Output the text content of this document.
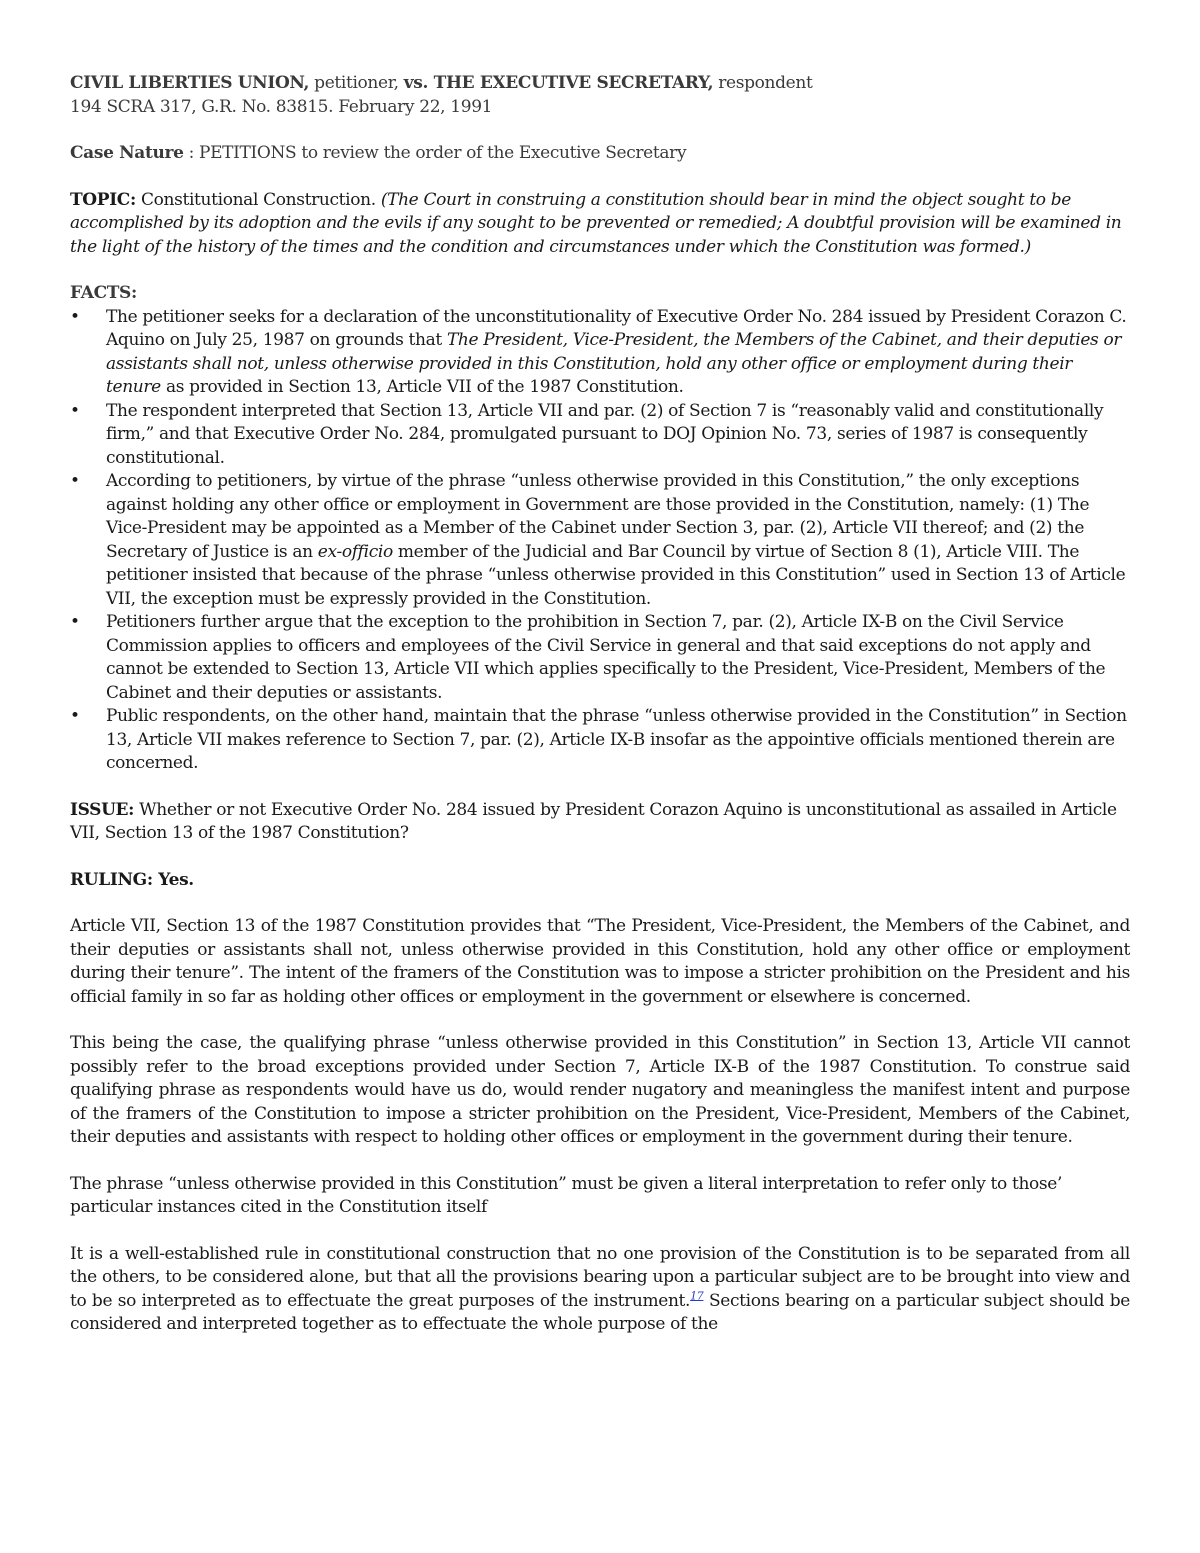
CIVIL LIBERTIES UNION, petitioner, vs. THE EXECUTIVE SECRETARY, respondent

194 SCRA 317, G.R. No. 83815. February 22, 1991

Case Nature : PETITIONS to review the order of the Executive Secretary

TOPIC: Constitutional Construction. (The Court in construing a constitution should bear in mind the object sought to be accomplished by its adoption and the evils if any sought to be prevented or remedied; A doubtful provision will be examined in the light of the history of the times and the condition and circumstances under which the Constitution was formed.)

FACTS:

•	The petitioner seeks for a declaration of the unconstitutionality of Executive Order No. 284 issued by President Corazon C. Aquino on July 25, 1987 on grounds that The President, Vice-President, the Members of the Cabinet, and their deputies or assistants shall not, unless otherwise provided in this Constitution, hold any other office or employment during their tenure as provided in Section 13, Article VII of the 1987 Constitution.
•	The respondent interpreted that Section 13, Article VII and par. (2) of Section 7 is “reasonably valid and constitutionally firm,” and that Executive Order No. 284, promulgated pursuant to DOJ Opinion No. 73, series of 1987 is consequently constitutional.
•	According to petitioners, by virtue of the phrase “unless otherwise provided in this Constitution,” the only exceptions against holding any other office or employment in Government are those provided in the Constitution, namely: (1) The Vice-President may be appointed as a Member of the Cabinet under Section 3, par. (2), Article VII thereof; and (2) the Secretary of Justice is an ex-officio member of the Judicial and Bar Council by virtue of Section 8 (1), Article VIII. The petitioner insisted that because of the phrase “unless otherwise provided in this Constitution” used in Section 13 of Article VII, the exception must be expressly provided in the Constitution.
•	Petitioners further argue that the exception to the prohibition in Section 7, par. (2), Article IX-B on the Civil Service Commission applies to officers and employees of the Civil Service in general and that said exceptions do not apply and cannot be extended to Section 13, Article VII which applies specifically to the President, Vice-President, Members of the Cabinet and their deputies or assistants.
•	Public respondents, on the other hand, maintain that the phrase “unless otherwise provided in the Constitution” in Section 13, Article VII makes reference to Section 7, par. (2), Article IX-B insofar as the appointive officials mentioned therein are concerned.

ISSUE: Whether or not Executive Order No. 284 issued by President Corazon Aquino is unconstitutional as assailed in Article VII, Section 13 of the 1987 Constitution?

RULING: Yes.

Article VII, Section 13 of the 1987 Constitution provides that “The President, Vice-President, the Members of the Cabinet, and their deputies or assistants shall not, unless otherwise provided in this Constitution, hold any other office or employment during their tenure”. The intent of the framers of the Constitution was to impose a stricter prohibition on the President and his official family in so far as holding other offices or employment in the government or elsewhere is concerned.

This being the case, the qualifying phrase “unless otherwise provided in this Constitution” in Section 13, Article VII cannot possibly refer to the broad exceptions provided under Section 7, Article IX-B of the 1987 Constitution. To construe said qualifying phrase as respondents would have us do, would render nugatory and meaningless the manifest intent and purpose of the framers of the Constitution to impose a stricter prohibition on the President, Vice-President, Members of the Cabinet, their deputies and assistants with respect to holding other offices or employment in the government during their tenure.

The phrase “unless otherwise provided in this Constitution” must be given a literal interpretation to refer only to those’ particular instances cited in the Constitution itself

It is a well-established rule in constitutional construction that no one provision of the Constitution is to be separated from all the others, to be considered alone, but that all the provisions bearing upon a particular subject are to be brought into view and to be so interpreted as to effectuate the great purposes of the instrument.$^{17}$ Sections bearing on a particular subject should be considered and interpreted together as to effectuate the whole purpose of the
